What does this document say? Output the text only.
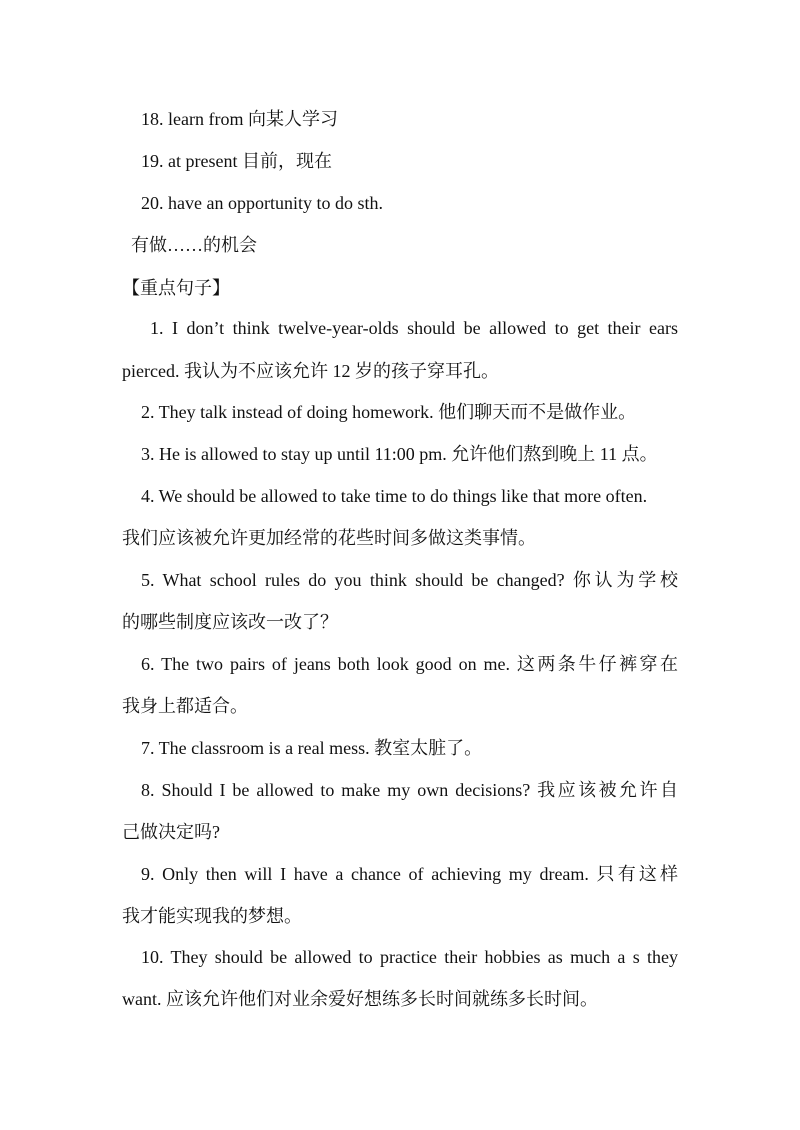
18. learn from 向某人学习
19. at present 目前，现在
20. have an opportunity to do sth.
有做……的机会
【重点句子】
1. I don’t think twelve-year-olds should be allowed to get their ears
pierced. 我认为不应该允许 12 岁的孩子穿耳孔。
2. They talk instead of doing homework. 他们聊天而不是做作业。
3. He is allowed to stay up until 11:00 pm. 允许他们熬到晚上 11 点。
4. We should be allowed to take time to do things like that more often.
我们应该被允许更加经常的花些时间多做这类事情。
5. What school rules do you think should be changed? 你认为学校
的哪些制度应该改一改了？
6. The two pairs of jeans both look good on me. 这两条牛仔裤穿在
我身上都适合。
7. The classroom is a real mess. 教室太脏了。
8. Should I be allowed to make my own decisions? 我应该被允许自
己做决定吗?
9. Only then will I have a chance of achieving my dream. 只有这样
我才能实现我的梦想。
10. They should be allowed to practice their hobbies as much a s they
want. 应该允许他们对业余爱好想练多长时间就练多长时间。
